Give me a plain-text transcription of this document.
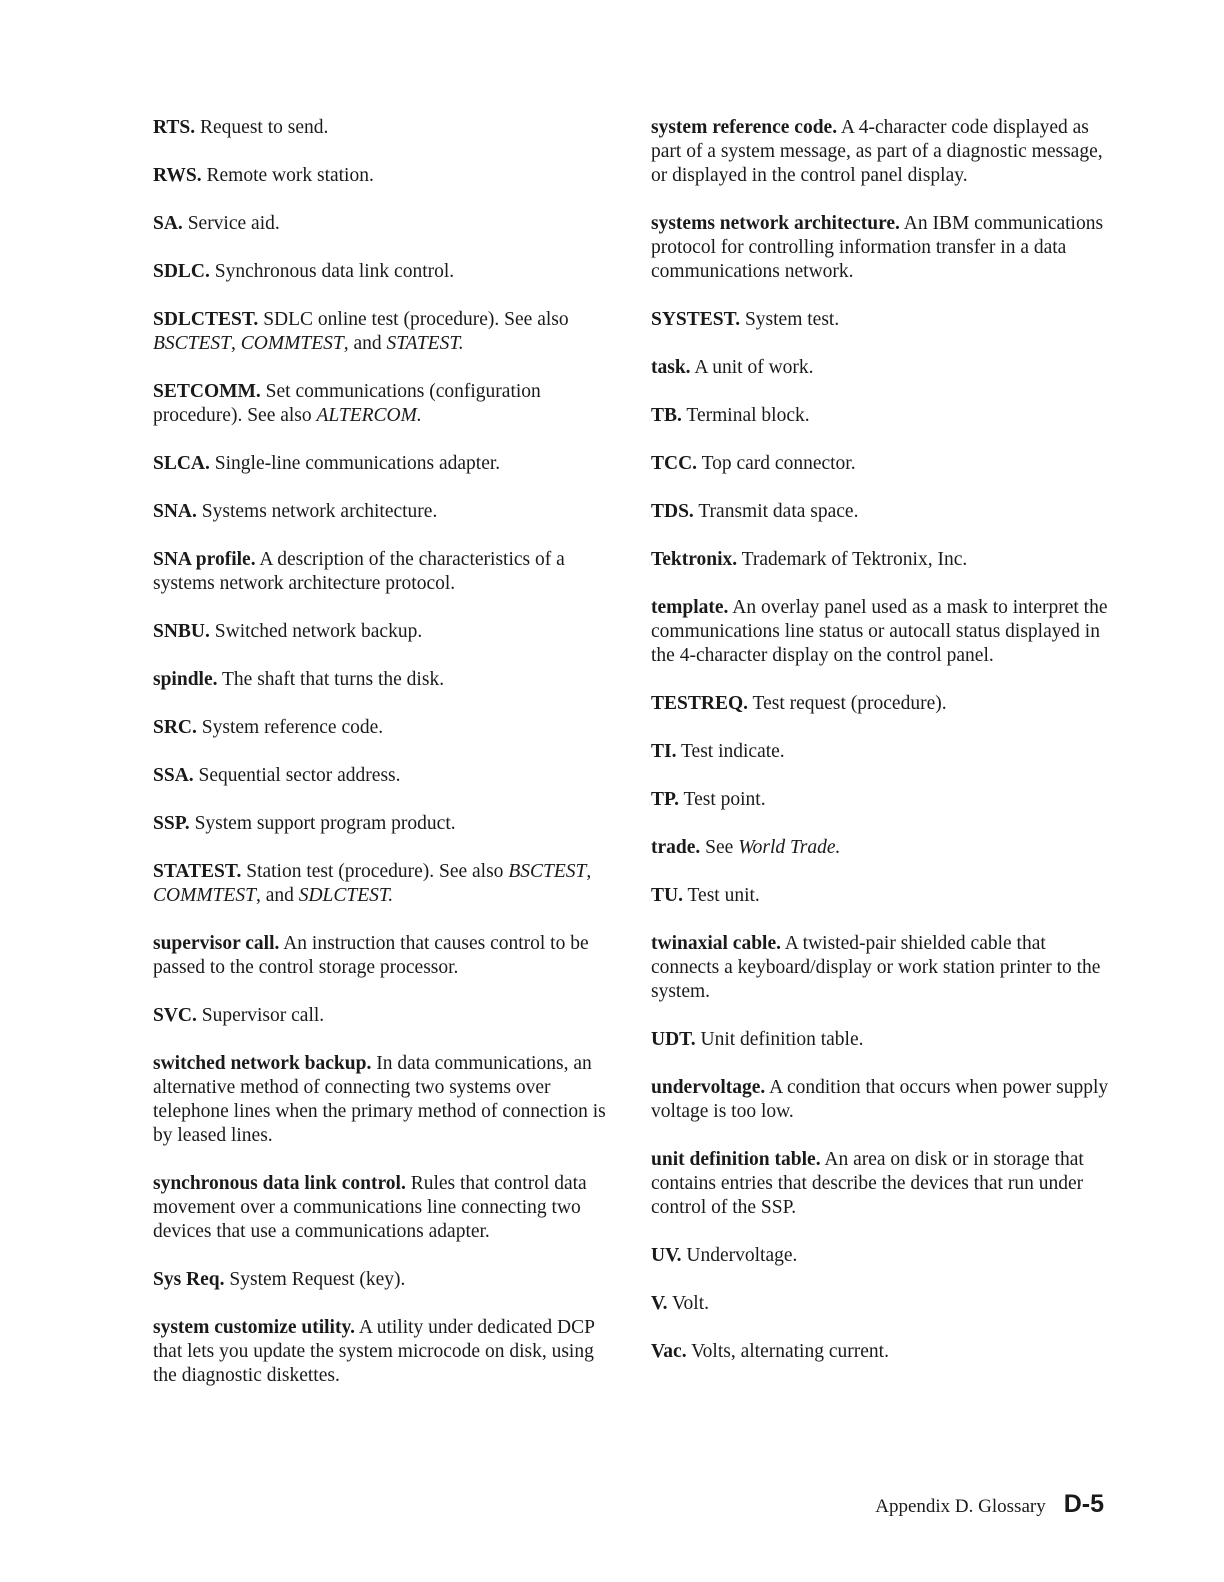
RTS. Request to send.
RWS. Remote work station.
SA. Service aid.
SDLC. Synchronous data link control.
SDLCTEST. SDLC online test (procedure). See also BSCTEST, COMMTEST, and STATEST.
SETCOMM. Set communications (configuration procedure). See also ALTERCOM.
SLCA. Single-line communications adapter.
SNA. Systems network architecture.
SNA profile. A description of the characteristics of a systems network architecture protocol.
SNBU. Switched network backup.
spindle. The shaft that turns the disk.
SRC. System reference code.
SSA. Sequential sector address.
SSP. System support program product.
STATEST. Station test (procedure). See also BSCTEST, COMMTEST, and SDLCTEST.
supervisor call. An instruction that causes control to be passed to the control storage processor.
SVC. Supervisor call.
switched network backup. In data communications, an alternative method of connecting two systems over telephone lines when the primary method of connection is by leased lines.
synchronous data link control. Rules that control data movement over a communications line connecting two devices that use a communications adapter.
Sys Req. System Request (key).
system customize utility. A utility under dedicated DCP that lets you update the system microcode on disk, using the diagnostic diskettes.
system reference code. A 4-character code displayed as part of a system message, as part of a diagnostic message, or displayed in the control panel display.
systems network architecture. An IBM communications protocol for controlling information transfer in a data communications network.
SYSTEST. System test.
task. A unit of work.
TB. Terminal block.
TCC. Top card connector.
TDS. Transmit data space.
Tektronix. Trademark of Tektronix, Inc.
template. An overlay panel used as a mask to interpret the communications line status or autocall status displayed in the 4-character display on the control panel.
TESTREQ. Test request (procedure).
TI. Test indicate.
TP. Test point.
trade. See World Trade.
TU. Test unit.
twinaxial cable. A twisted-pair shielded cable that connects a keyboard/display or work station printer to the system.
UDT. Unit definition table.
undervoltage. A condition that occurs when power supply voltage is too low.
unit definition table. An area on disk or in storage that contains entries that describe the devices that run under control of the SSP.
UV. Undervoltage.
V. Volt.
Vac. Volts, alternating current.
Appendix D. Glossary D-5
